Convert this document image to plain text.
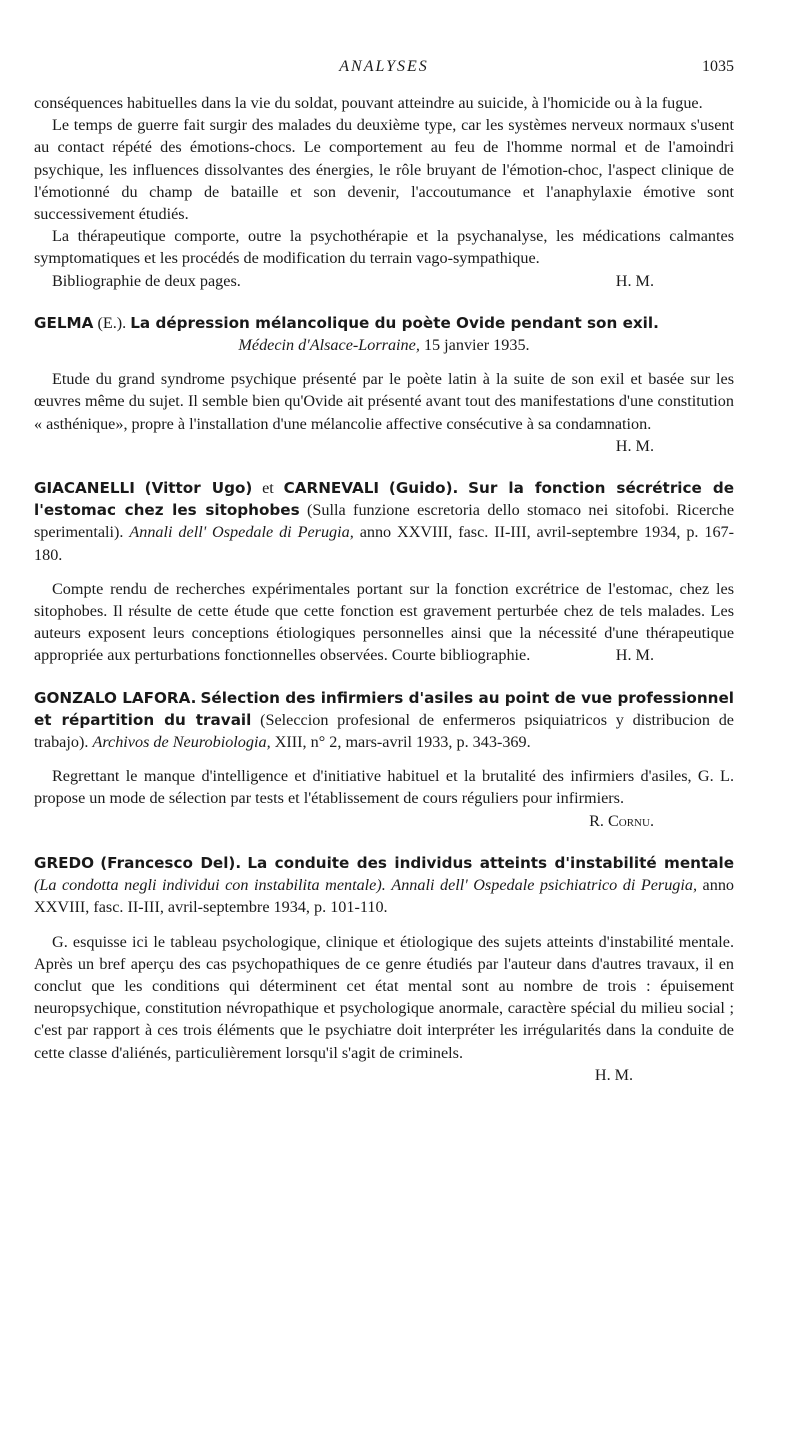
ANALYSES	1035

conséquences habituelles dans la vie du soldat, pouvant atteindre au suicide, à l'homicide ou à la fugue.

Le temps de guerre fait surgir des malades du deuxième type, car les systèmes nerveux normaux s'usent au contact répété des émotions-chocs. Le comportement au feu de l'homme normal et de l'amoindri psychique, les influences dissolvantes des énergies, le rôle bruyant de l'émotion-choc, l'aspect clinique de l'émotionné du champ de bataille et son devenir, l'accoutumance et l'anaphylaxie émotive sont successivement étudiés.

La thérapeutique comporte, outre la psychothérapie et la psychanalyse, les médications calmantes symptomatiques et les procédés de modification du terrain vago-sympathique.

Bibliographie de deux pages.	H. M.

GELMA (E.). La dépression mélancolique du poète Ovide pendant son exil.

Médecin d'Alsace-Lorraine, 15 janvier 1935.

Etude du grand syndrome psychique présenté par le poète latin à la suite de son exil et basée sur les œuvres même du sujet. Il semble bien qu'Ovide ait présenté avant tout des manifestations d'une constitution « asthénique», propre à l'installation d'une mélancolie affective consécutive à sa condamnation.
H. M.

GIACANELLI (Vittor Ugo) et CARNEVALI (Guido). Sur la fonction sécrétrice de l'estomac chez les sitophobes (Sulla funzione escretoria dello stomaco nei sitofobi. Ricerche sperimentali). Annali dell' Ospedale di Perugia, anno XXVIII, fasc. II-III, avril-septembre 1934, p. 167-180.

Compte rendu de recherches expérimentales portant sur la fonction excrétrice de l'estomac, chez les sitophobes. Il résulte de cette étude que cette fonction est gravement perturbée chez de tels malades. Les auteurs exposent leurs conceptions étiologiques personnelles ainsi que la nécessité d'une thérapeutique appropriée aux perturbations fonctionnelles observées. Courte bibliographie.	H. M.

GONZALO LAFORA. Sélection des infirmiers d'asiles au point de vue professionnel et répartition du travail (Seleccion profesional de enfermeros psiquiatricos y distribucion de trabajo). Archivos de Neurobiologia, XIII, n° 2, mars-avril 1933, p. 343-369.

Regrettant le manque d'intelligence et d'initiative habituel et la brutalité des infirmiers d'asiles, G. L. propose un mode de sélection par tests et l'établissement de cours réguliers pour infirmiers.
R. Cornu.

GREDO (Francesco Del). La conduite des individus atteints d'instabilité mentale (La condotta negli individui con instabilita mentale). Annali dell' Ospedale psichiatrico di Perugia, anno XXVIII, fasc. II-III, avril-septembre 1934, p. 101-110.

G. esquisse ici le tableau psychologique, clinique et étiologique des sujets atteints d'instabilité mentale. Après un bref aperçu des cas psychopathiques de ce genre étudiés par l'auteur dans d'autres travaux, il en conclut que les conditions qui déterminent cet état mental sont au nombre de trois : épuisement neuropsychique, constitution névropathique et psychologique anormale, caractère spécial du milieu social ; c'est par rapport à ces trois éléments que le psychiatre doit interpréter les irrégularités dans la conduite de cette classe d'aliénés, particulièrement lorsqu'il s'agit de criminels.

H. M.
